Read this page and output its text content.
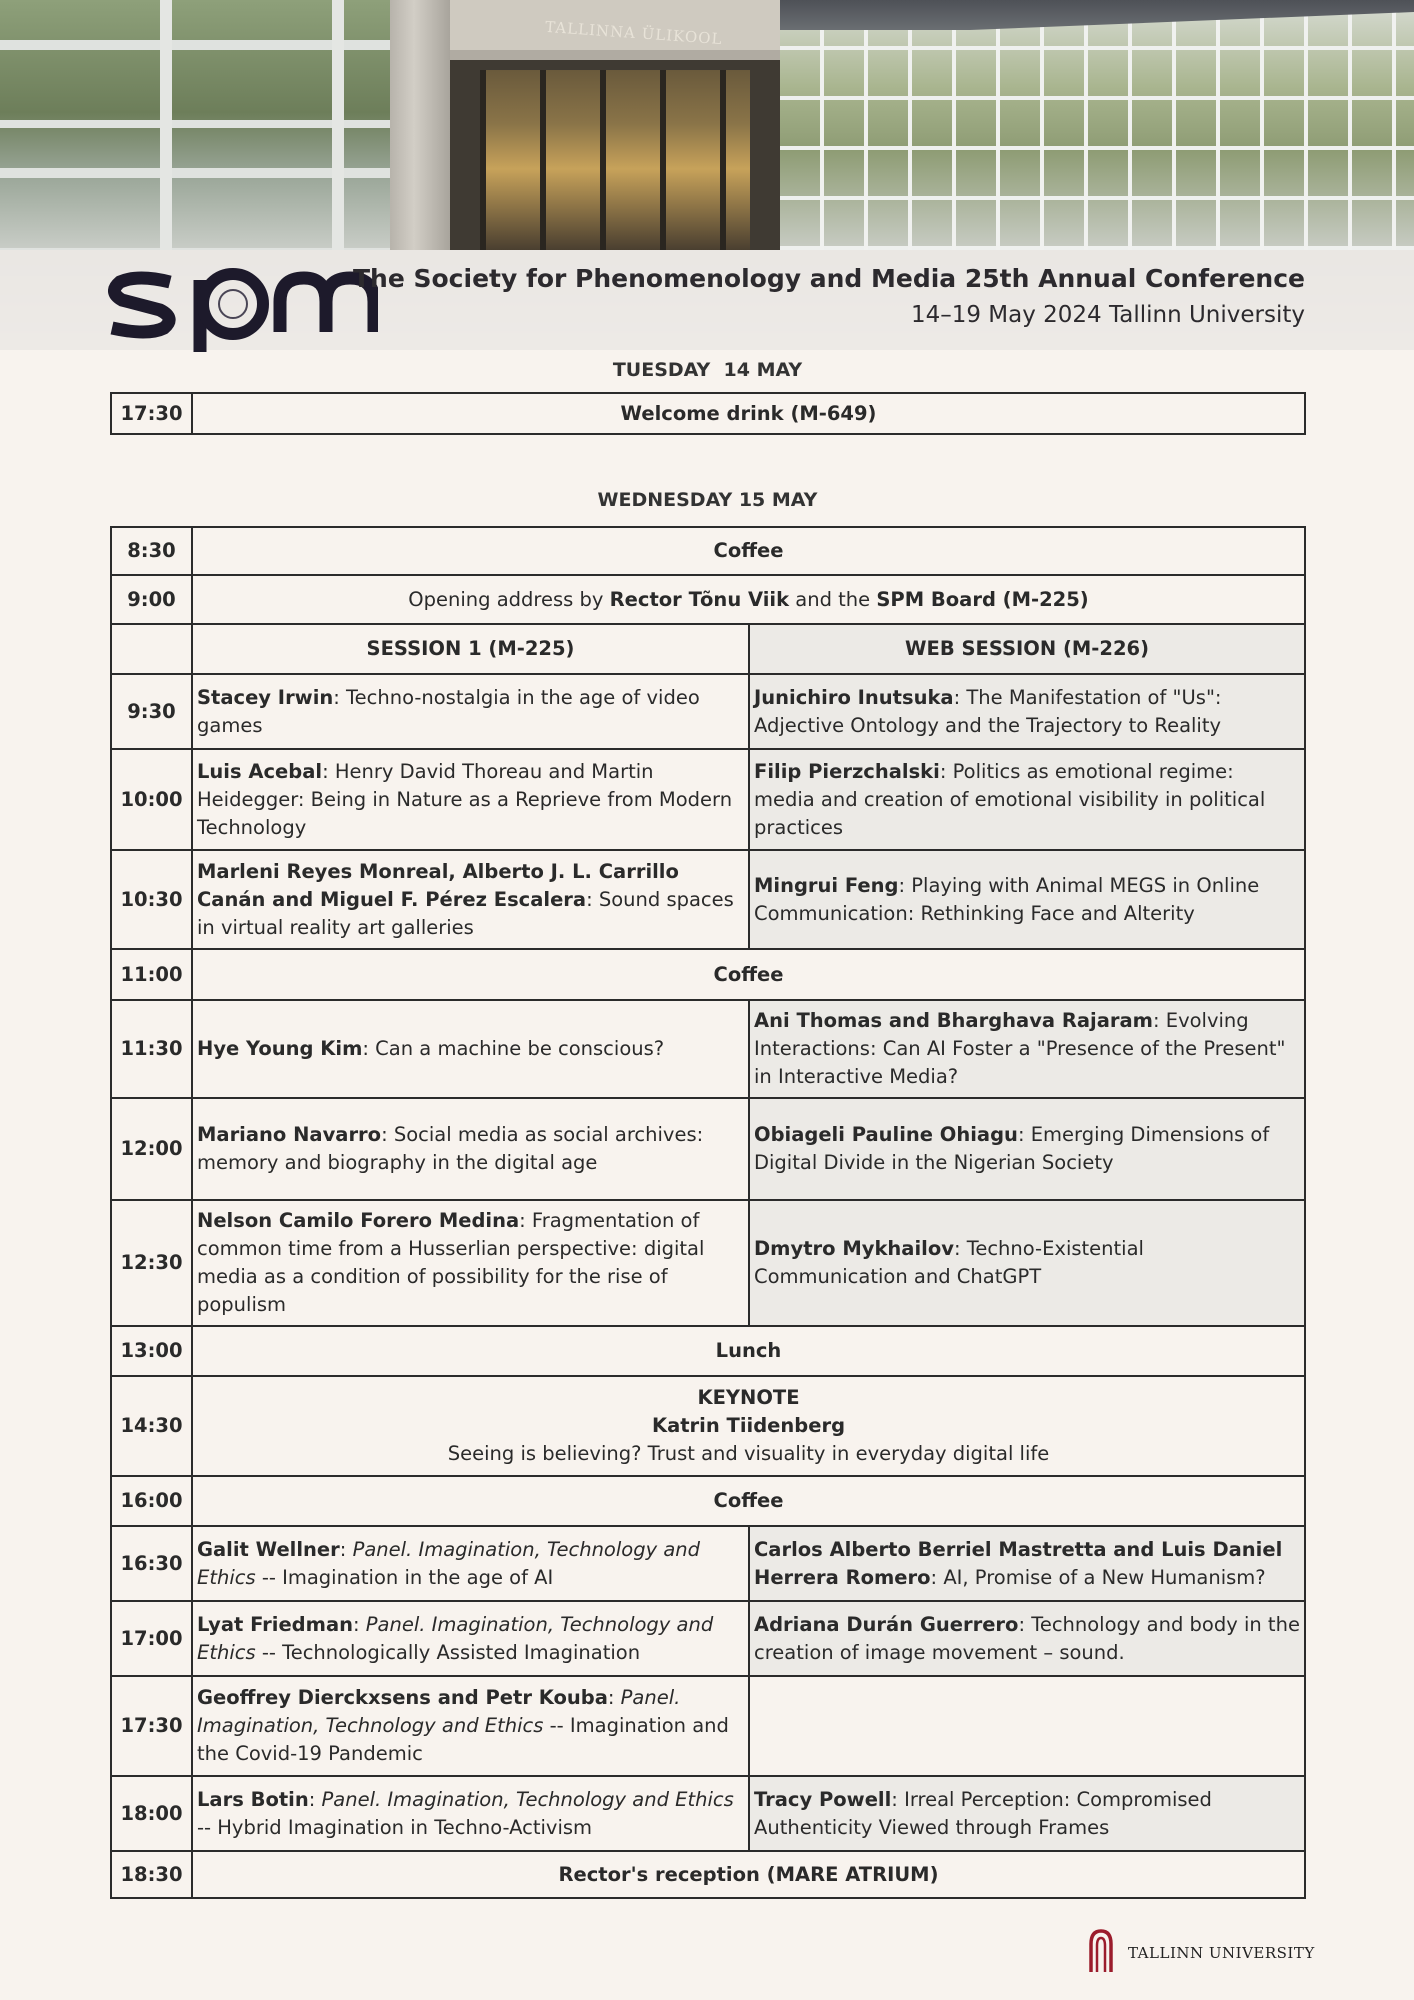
TALLINNA ÜLIKOOL
The Society for Phenomenology and Media 25th Annual Conference
14–19 May 2024 Tallinn University
TUESDAY  14 MAY
17:30	Welcome drink (M-649)
WEDNESDAY 15 MAY
8:30	Coffee	
9:00	Opening address by Rector Tõnu Viik and the SPM Board (M-225)	
	SESSION 1 (M-225)	WEB SESSION (M-226)
9:30	Stacey Irwin: Techno-nostalgia in the age of video games	Junichiro Inutsuka: The Manifestation of "Us": Adjective Ontology and the Trajectory to Reality
10:00	Luis Acebal: Henry David Thoreau and Martin Heidegger: Being in Nature as a Reprieve from Modern Technology	Filip Pierzchalski: Politics as emotional regime: media and creation of emotional visibility in political practices
10:30	Marleni Reyes Monreal, Alberto J. L. Carrillo Canán and Miguel F. Pérez Escalera: Sound spaces in virtual reality art galleries	Mingrui Feng: Playing with Animal MEGS in Online Communication: Rethinking Face and Alterity
11:00	Coffee	
11:30	Hye Young Kim: Can a machine be conscious?	Ani Thomas and Bharghava Rajaram: Evolving Interactions: Can AI Foster a "Presence of the Present" in Interactive Media?
12:00	Mariano Navarro: Social media as social archives: memory and biography in the digital age	Obiageli Pauline Ohiagu: Emerging Dimensions of Digital Divide in the Nigerian Society
12:30	Nelson Camilo Forero Medina: Fragmentation of common time from a Husserlian perspective: digital media as a condition of possibility for the rise of populism	Dmytro Mykhailov: Techno-Existential Communication and ChatGPT
13:00	Lunch	
14:30	KEYNOTE
Katrin Tiidenberg
Seeing is believing? Trust and visuality in everyday digital life	

16:00	Coffee	
16:30	Galit Wellner: Panel. Imagination, Technology and Ethics -- Imagination in the age of AI	Carlos Alberto Berriel Mastretta and Luis Daniel Herrera Romero: AI, Promise of a New Humanism?
17:00	Lyat Friedman: Panel. Imagination, Technology and Ethics -- Technologically Assisted Imagination	Adriana Durán Guerrero: Technology and body in the creation of image movement – sound.
17:30	Geoffrey Dierckxsens and Petr Kouba: Panel. Imagination, Technology and Ethics -- Imagination and the Covid-19 Pandemic	
18:00	Lars Botin: Panel. Imagination, Technology and Ethics -- Hybrid Imagination in Techno-Activism	Tracy Powell: Irreal Perception: Compromised Authenticity Viewed through Frames
18:30	Rector's reception (MARE ATRIUM)	
TALLINN UNIVERSITY
